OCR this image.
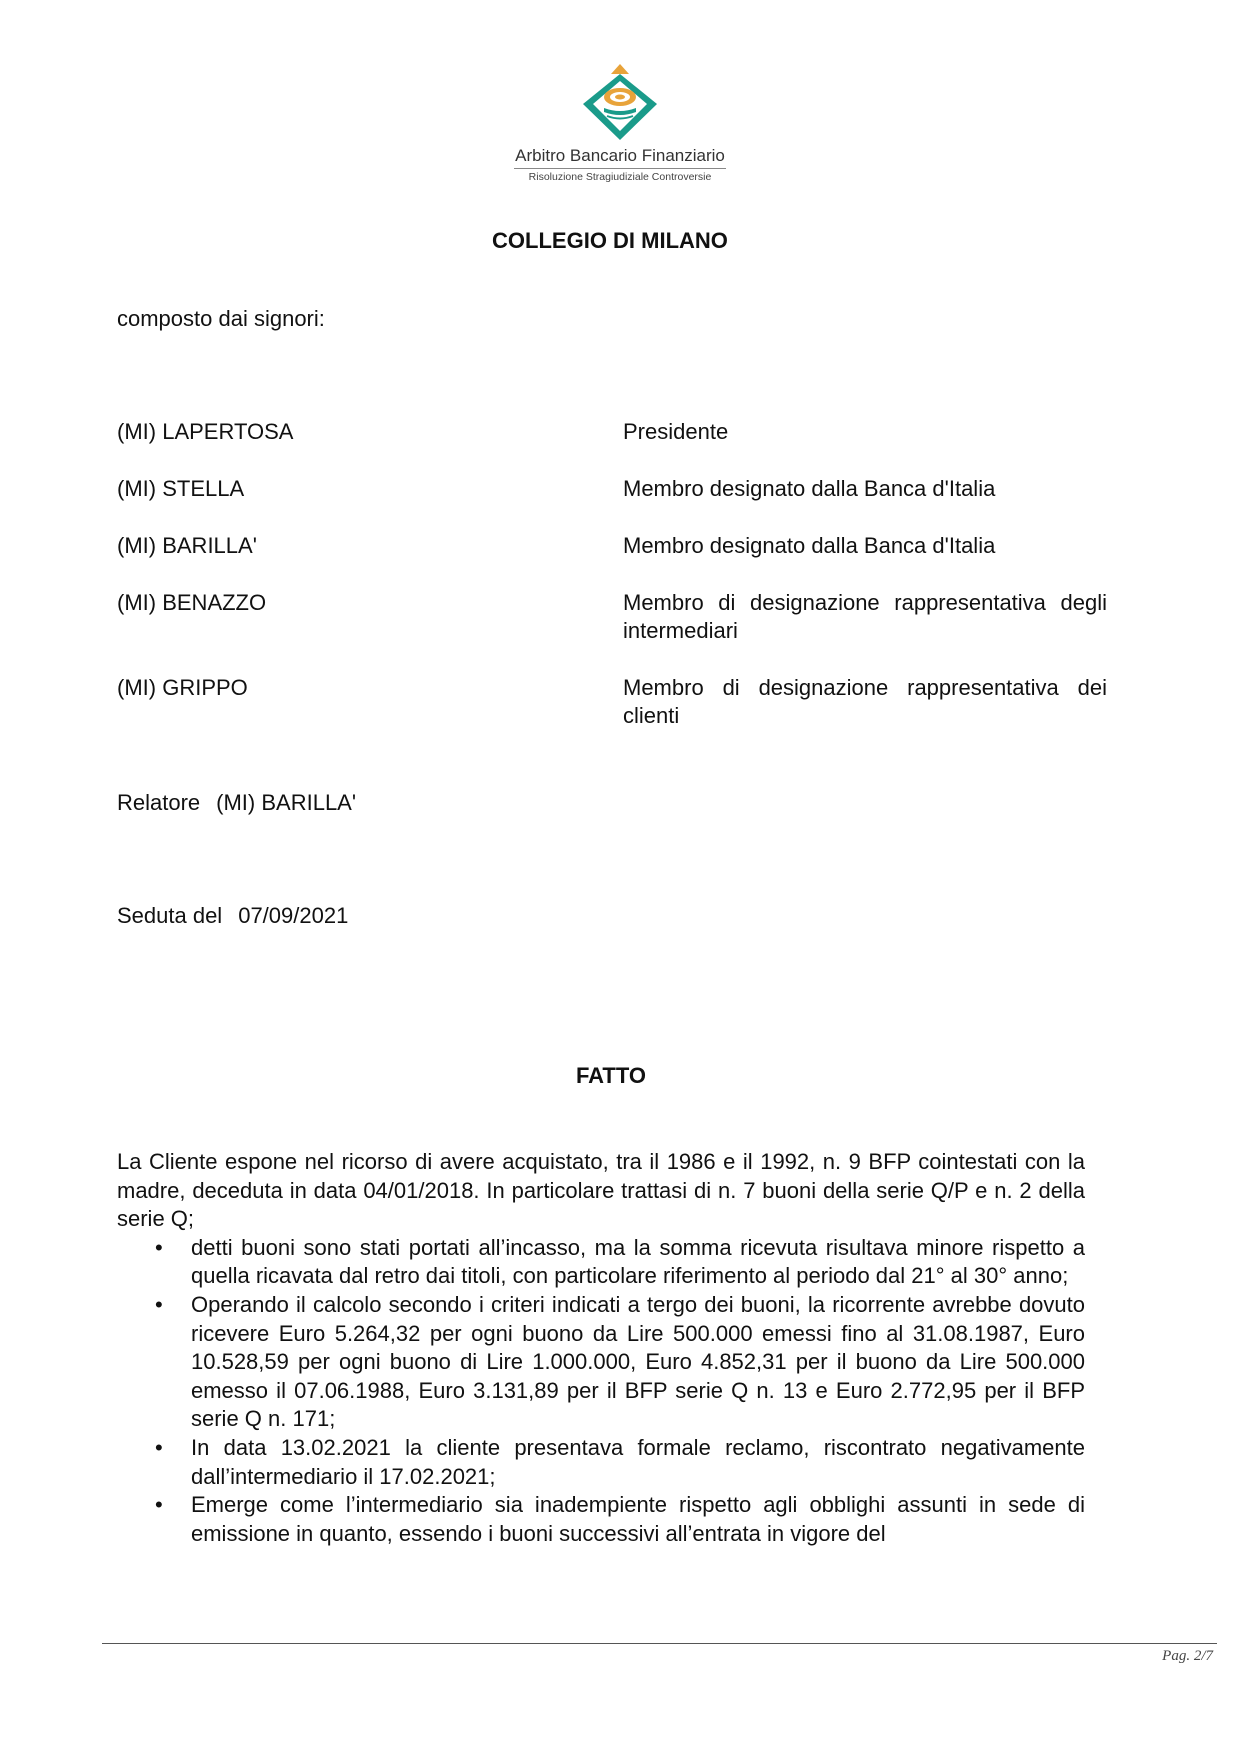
Arbitro Bancario Finanziario
Risoluzione Stragiudiziale Controversie
COLLEGIO DI MILANO
composto dai signori:
(MI) LAPERTOSA	Presidente
(MI) STELLA	Membro designato dalla Banca d'Italia
(MI) BARILLA'	Membro designato dalla Banca d'Italia
(MI) BENAZZO	Membro di designazione rappresentativa degli intermediari
(MI) GRIPPO	Membro di designazione rappresentativa dei clienti
Relatore (MI) BARILLA'
Seduta del 07/09/2021
FATTO

La Cliente espone nel ricorso di avere acquistato, tra il 1986 e il 1992, n. 9 BFP cointestati con la madre, deceduta in data 04/01/2018. In particolare trattasi di n. 7 buoni della serie Q/P e n. 2 della serie Q;

• detti buoni sono stati portati all’incasso, ma la somma ricevuta risultava minore rispetto a quella ricavata dal retro dai titoli, con particolare riferimento al periodo dal 21° al 30° anno;
• Operando il calcolo secondo i criteri indicati a tergo dei buoni, la ricorrente avrebbe dovuto ricevere Euro 5.264,32 per ogni buono da Lire 500.000 emessi fino al 31.08.1987, Euro 10.528,59 per ogni buono di Lire 1.000.000, Euro 4.852,31 per il buono da Lire 500.000 emesso il 07.06.1988, Euro 3.131,89 per il BFP serie Q n. 13 e Euro 2.772,95 per il BFP serie Q n. 171;
• In data 13.02.2021 la cliente presentava formale reclamo, riscontrato negativamente dall’intermediario il 17.02.2021;
• Emerge come l’intermediario sia inadempiente rispetto agli obblighi assunti in sede di emissione in quanto, essendo i buoni successivi all’entrata in vigore del
Pag. 2/7
